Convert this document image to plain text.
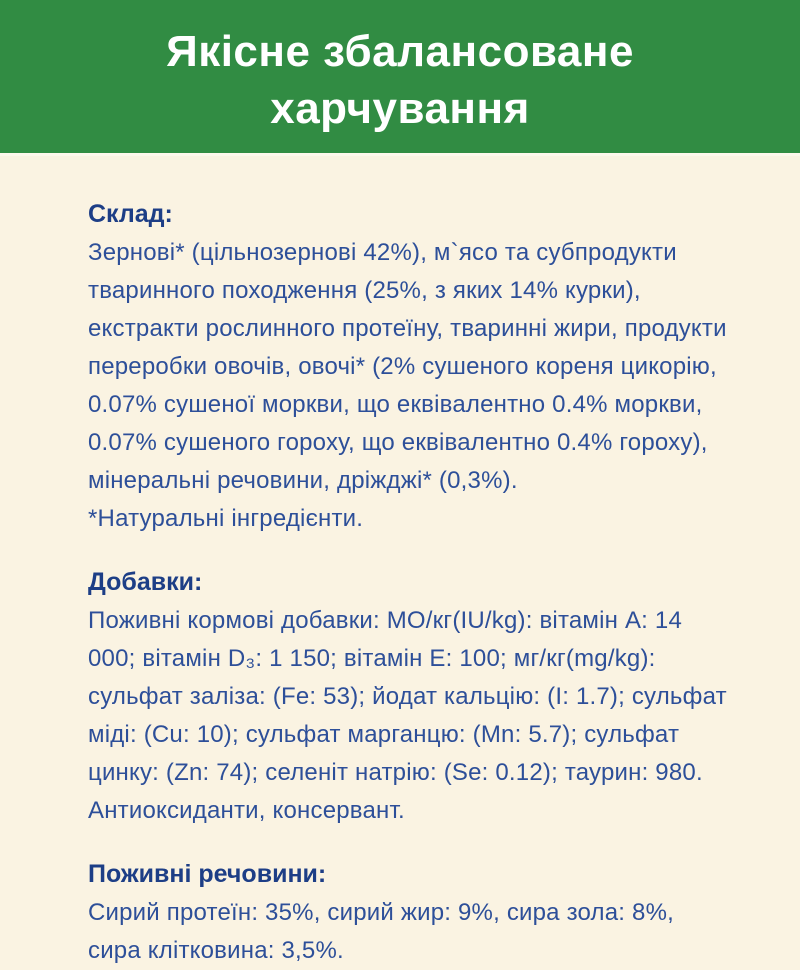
Якісне збалансоване
харчування
Склад:

Зернові* (цільнозернові 42%), м`ясо та субпродукти тваринного походження (25%, з яких 14% курки), екстракти рослинного протеїну, тваринні жири, продукти переробки овочів, овочі* (2% сушеного кореня цикорію, 0.07% сушеної моркви, що еквівалентно 0.4% моркви, 0.07% сушеного гороху, що еквівалентно 0.4% гороху), мінеральні речовини, дріжджі* (0,3%).

*Натуральні інгредієнти.

Добавки:

Поживні кормові добавки: МО/кг(IU/kg): вітамін А: 14 000; вітамін D₃: 1 150; вітамін Е: 100; мг/кг(mg/kg): сульфат заліза: (Fe: 53); йодат кальцію: (I: 1.7); сульфат міді: (Cu: 10); сульфат марганцю: (Mn: 5.7); сульфат цинку: (Zn: 74); селеніт натрію: (Se: 0.12); таурин: 980. Антиоксиданти, консервант.

Поживні речовини:

Сирий протеїн: 35%, сирий жир: 9%, сира зола: 8%, сира клітковина: 3,5%.
